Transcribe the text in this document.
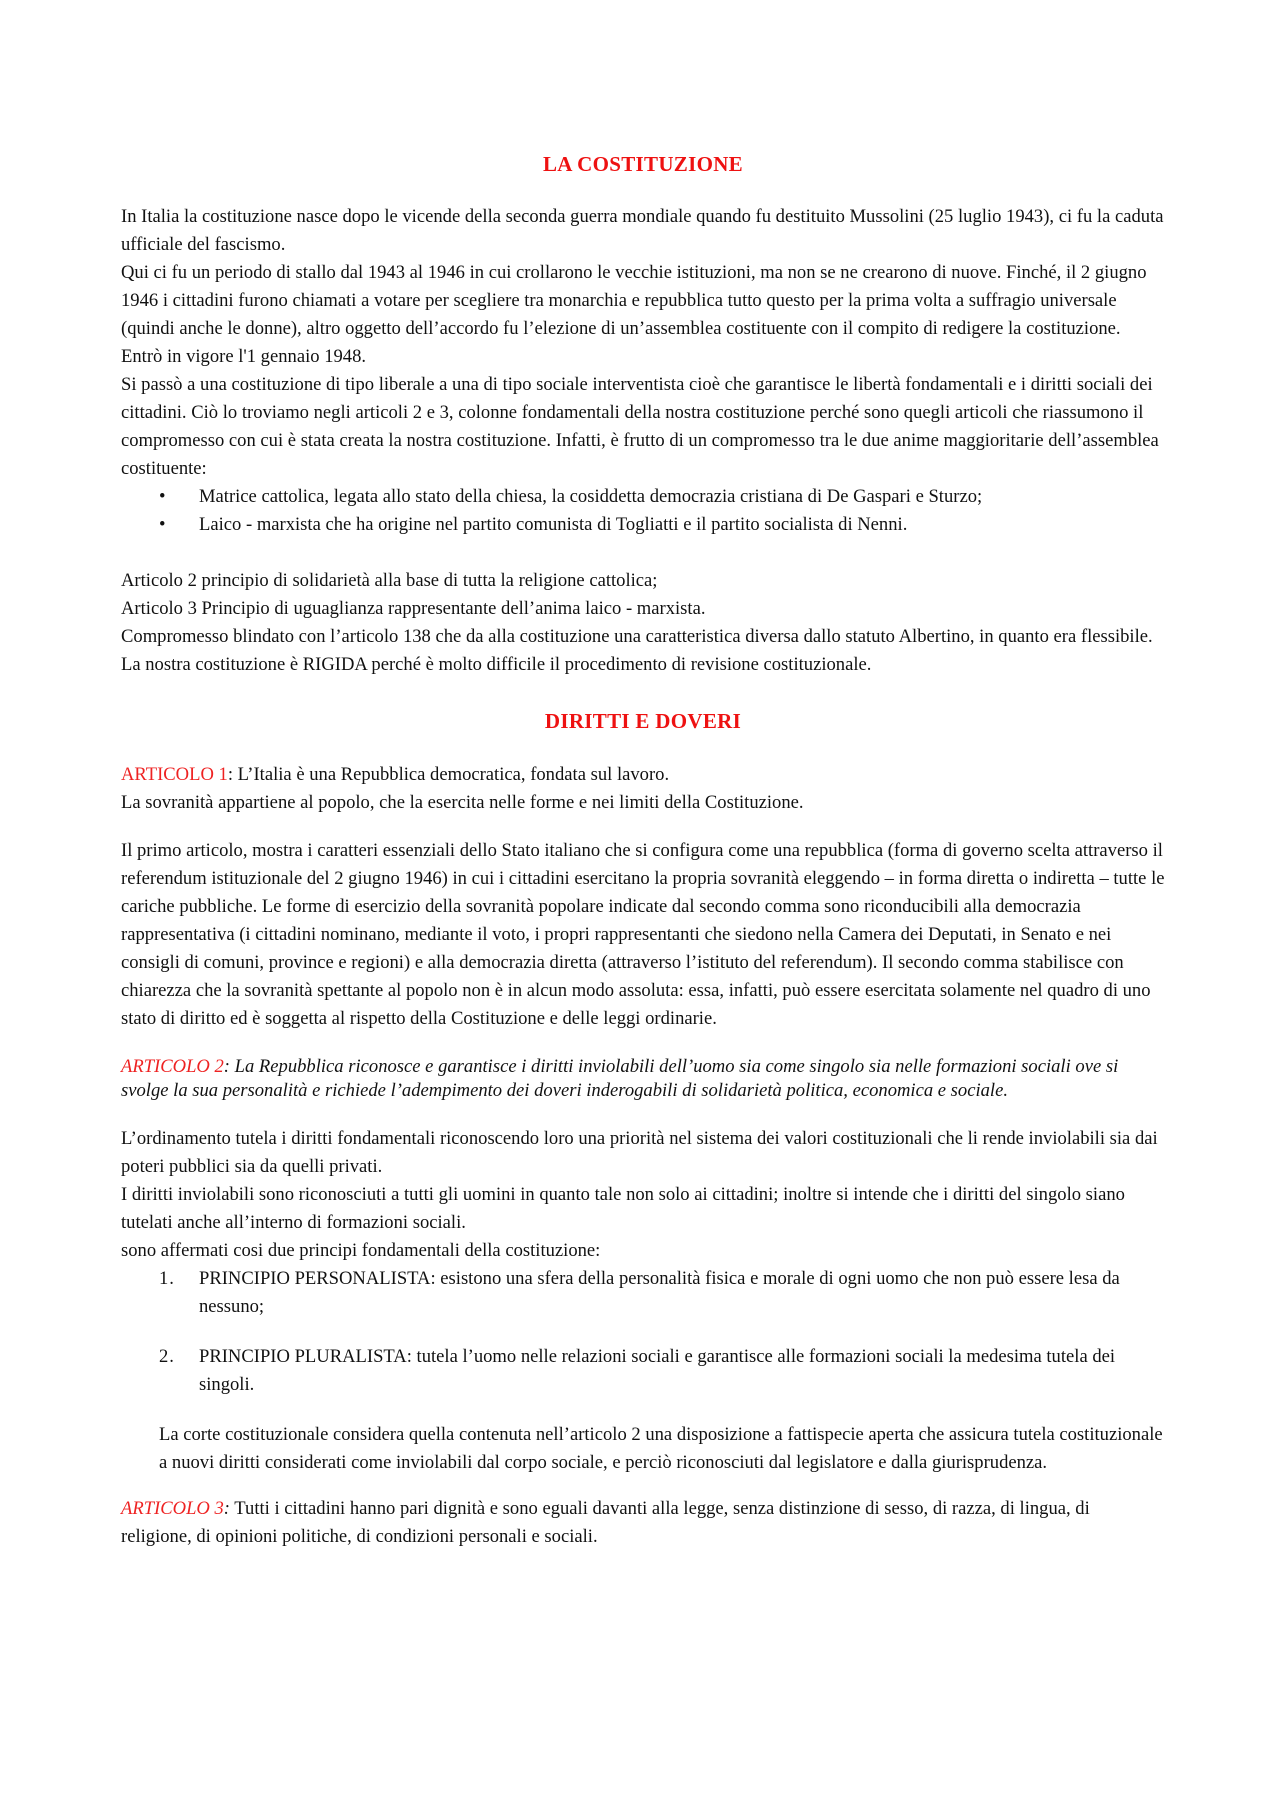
LA COSTITUZIONE

In Italia la costituzione nasce dopo le vicende della seconda guerra mondiale quando fu destituito Mussolini (25 luglio 1943), ci fu la caduta ufficiale del fascismo.

Qui ci fu un periodo di stallo dal 1943 al 1946 in cui crollarono le vecchie istituzioni, ma non se ne crearono di nuove. Finché, il 2 giugno 1946 i cittadini furono chiamati a votare per scegliere tra monarchia e repubblica tutto questo per la prima volta a suffragio universale (quindi anche le donne), altro oggetto dell’accordo fu l’elezione di un’assemblea costituente con il compito di redigere la costituzione. Entrò in vigore l'1 gennaio 1948.

Si passò a una costituzione di tipo liberale a una di tipo sociale interventista cioè che garantisce le libertà fondamentali e i diritti sociali dei cittadini. Ciò lo troviamo negli articoli 2 e 3, colonne fondamentali della nostra costituzione perché sono quegli articoli che riassumono il compromesso con cui è stata creata la nostra costituzione. Infatti, è frutto di un compromesso tra le due anime maggioritarie dell’assemblea costituente:

• Matrice cattolica, legata allo stato della chiesa, la cosiddetta democrazia cristiana di De Gaspari e Sturzo;
• Laico - marxista che ha origine nel partito comunista di Togliatti e il partito socialista di Nenni.

Articolo 2 principio di solidarietà alla base di tutta la religione cattolica;

Articolo 3 Principio di uguaglianza rappresentante dell’anima laico - marxista.

Compromesso blindato con l’articolo 138 che da alla costituzione una caratteristica diversa dallo statuto Albertino, in quanto era flessibile. La nostra costituzione è RIGIDA perché è molto difficile il procedimento di revisione costituzionale.

DIRITTI E DOVERI

ARTICOLO 1: L’Italia è una Repubblica democratica, fondata sul lavoro.

La sovranità appartiene al popolo, che la esercita nelle forme e nei limiti della Costituzione.

Il primo articolo, mostra i caratteri essenziali dello Stato italiano che si configura come una repubblica (forma di governo scelta attraverso il referendum istituzionale del 2 giugno 1946) in cui i cittadini esercitano la propria sovranità eleggendo – in forma diretta o indiretta – tutte le cariche pubbliche. Le forme di esercizio della sovranità popolare indicate dal secondo comma sono riconducibili alla democrazia rappresentativa (i cittadini nominano, mediante il voto, i propri rappresentanti che siedono nella Camera dei Deputati, in Senato e nei consigli di comuni, province e regioni) e alla democrazia diretta (attraverso l’istituto del referendum). Il secondo comma stabilisce con chiarezza che la sovranità spettante al popolo non è in alcun modo assoluta: essa, infatti, può essere esercitata solamente nel quadro di uno stato di diritto ed è soggetta al rispetto della Costituzione e delle leggi ordinarie.

ARTICOLO 2: La Repubblica riconosce e garantisce i diritti inviolabili dell’uomo sia come singolo sia nelle formazioni sociali ove si svolge la sua personalità e richiede l’adempimento dei doveri inderogabili di solidarietà politica, economica e sociale.

L’ordinamento tutela i diritti fondamentali riconoscendo loro una priorità nel sistema dei valori costituzionali che li rende inviolabili sia dai poteri pubblici sia da quelli privati.

I diritti inviolabili sono riconosciuti a tutti gli uomini in quanto tale non solo ai cittadini; inoltre si intende che i diritti del singolo siano tutelati anche all’interno di formazioni sociali.

sono affermati cosi due principi fondamentali della costituzione:

1. PRINCIPIO PERSONALISTA: esistono una sfera della personalità fisica e morale di ogni uomo che non può essere lesa da nessuno;
2. PRINCIPIO PLURALISTA: tutela l’uomo nelle relazioni sociali e garantisce alle formazioni sociali la medesima tutela dei singoli.

La corte costituzionale considera quella contenuta nell’articolo 2 una disposizione a fattispecie aperta che assicura tutela costituzionale a nuovi diritti considerati come inviolabili dal corpo sociale, e perciò riconosciuti dal legislatore e dalla giurisprudenza.

ARTICOLO 3: Tutti i cittadini hanno pari dignità e sono eguali davanti alla legge, senza distinzione di sesso, di razza, di lingua, di religione, di opinioni politiche, di condizioni personali e sociali.
